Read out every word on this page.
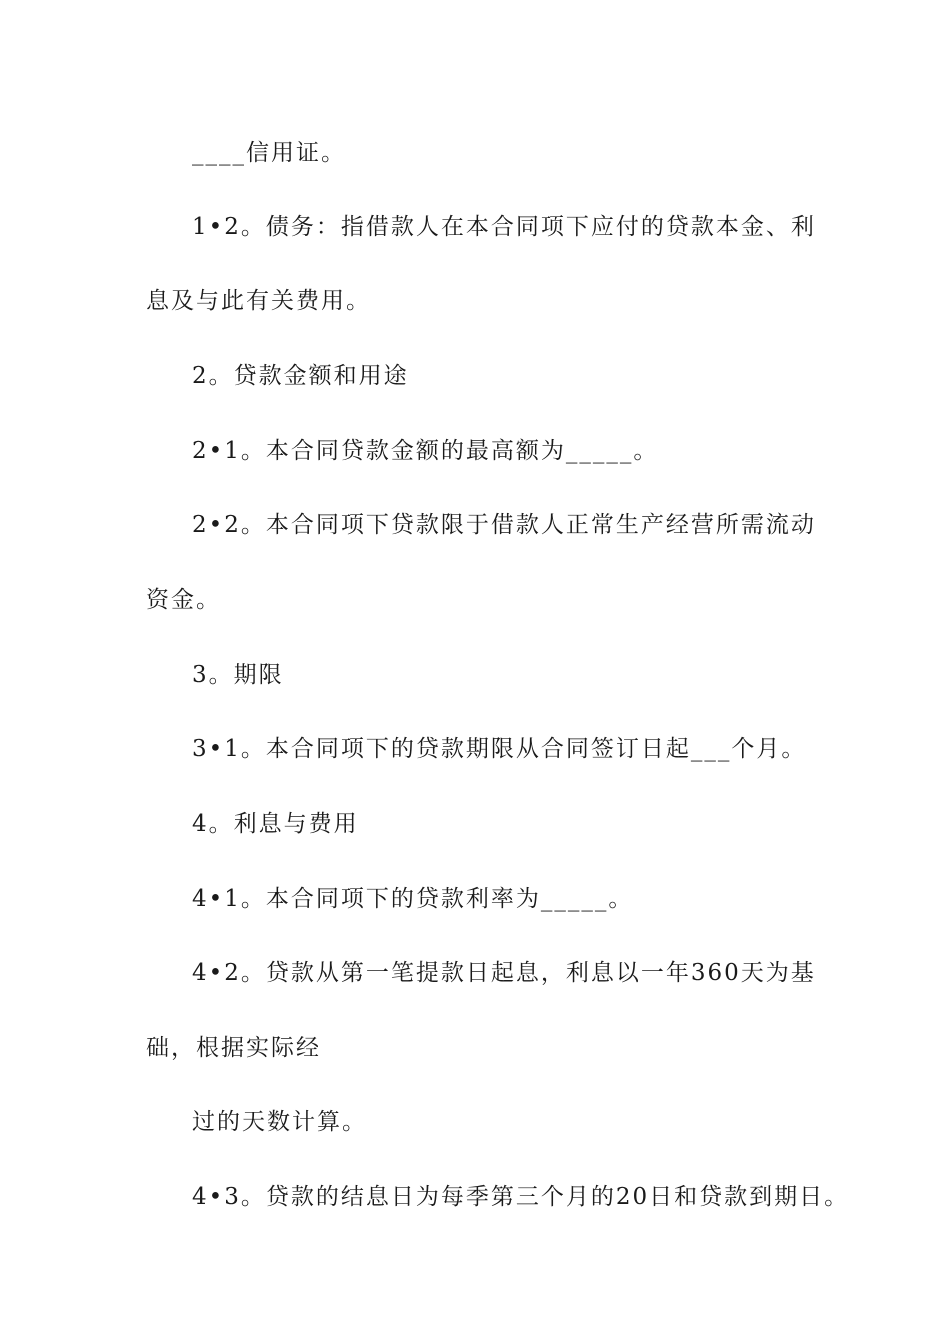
____信用证。
1•2。债务：指借款人在本合同项下应付的贷款本金、利
息及与此有关费用。
2。贷款金额和用途
2•1。本合同贷款金额的最高额为_____。
2•2。本合同项下贷款限于借款人正常生产经营所需流动
资金。
3。期限
3•1。本合同项下的贷款期限从合同签订日起___个月。
4。利息与费用
4•1。本合同项下的贷款利率为_____。
4•2。贷款从第一笔提款日起息，利息以一年360天为基
础，根据实际经
过的天数计算。
4•3。贷款的结息日为每季第三个月的20日和贷款到期日。
